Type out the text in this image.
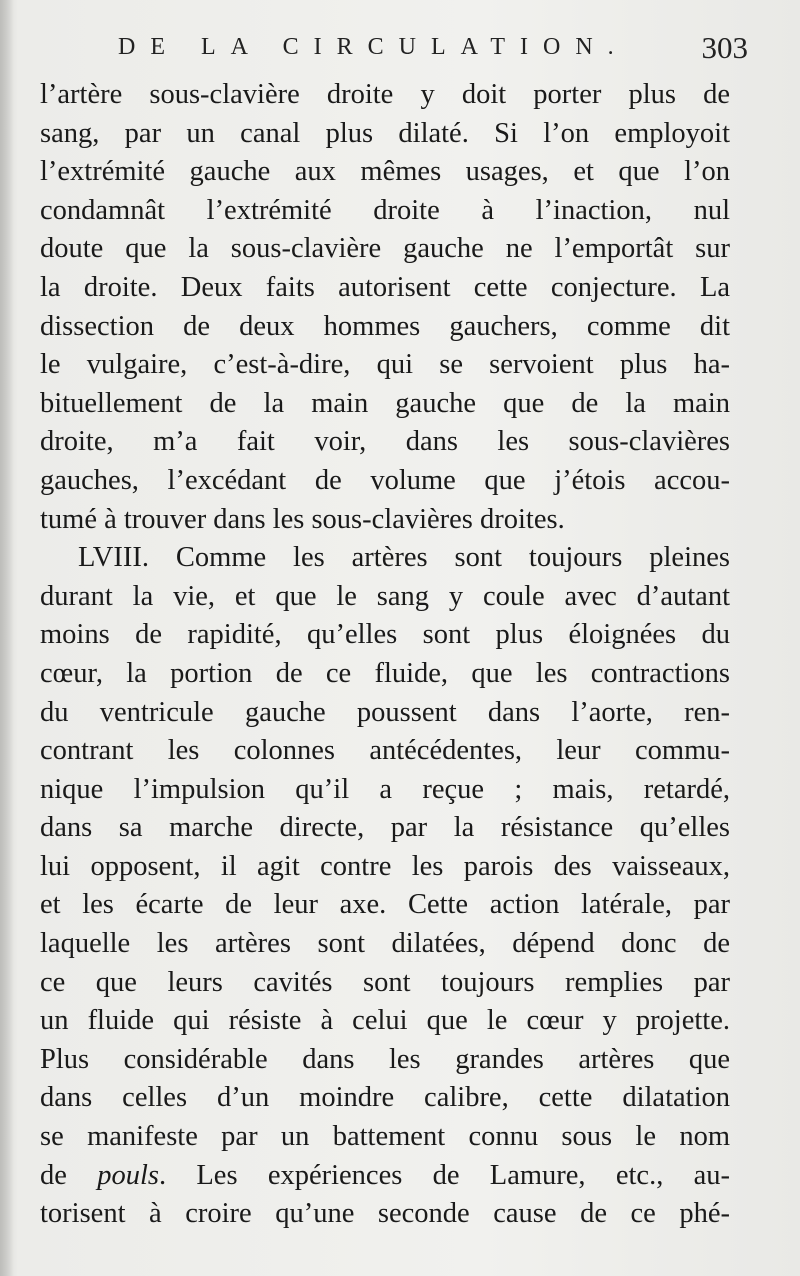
DE LA CIRCULATION. 303
l’artère sous-clavière droite y doit porter plus de
sang, par un canal plus dilaté. Si l’on employoit
l’extrémité gauche aux mêmes usages, et que l’on
condamnât l’extrémité droite à l’inaction, nul
doute que la sous-clavière gauche ne l’emportât sur
la droite. Deux faits autorisent cette conjecture. La
dissection de deux hommes gauchers, comme dit
le vulgaire, c’est-à-dire, qui se servoient plus ha-
bituellement de la main gauche que de la main
droite, m’a fait voir, dans les sous-clavières
gauches, l’excédant de volume que j’étois accou-
tumé à trouver dans les sous-clavières droites.
LVIII. Comme les artères sont toujours pleines
durant la vie, et que le sang y coule avec d’autant
moins de rapidité, qu’elles sont plus éloignées du
cœur, la portion de ce fluide, que les contractions
du ventricule gauche poussent dans l’aorte, ren-
contrant les colonnes antécédentes, leur commu-
nique l’impulsion qu’il a reçue ; mais, retardé,
dans sa marche directe, par la résistance qu’elles
lui opposent, il agit contre les parois des vaisseaux,
et les écarte de leur axe. Cette action latérale, par
laquelle les artères sont dilatées, dépend donc de
ce que leurs cavités sont toujours remplies par
un fluide qui résiste à celui que le cœur y projette.
Plus considérable dans les grandes artères que
dans celles d’un moindre calibre, cette dilatation
se manifeste par un battement connu sous le nom
de pouls. Les expériences de Lamure, etc., au-
torisent à croire qu’une seconde cause de ce phé-
